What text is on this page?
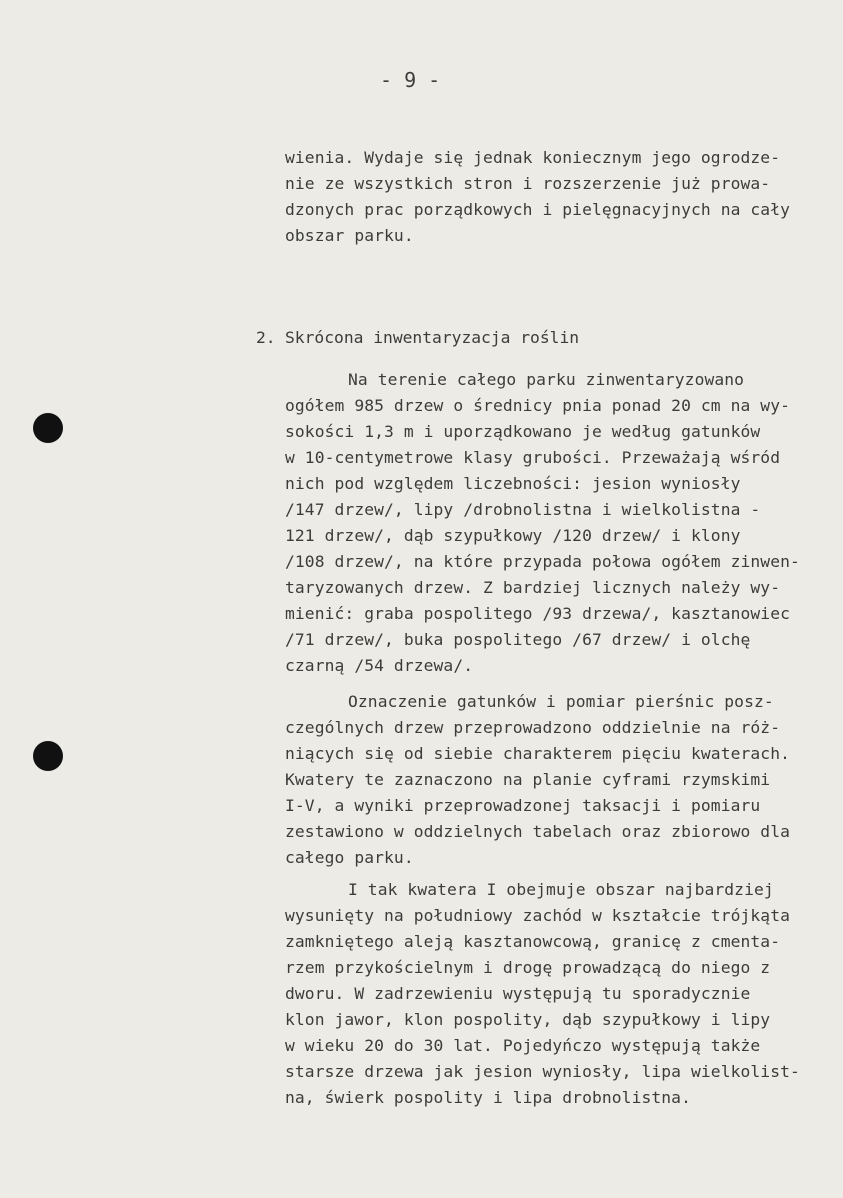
- 9 -
wienia. Wydaje się jednak koniecznym jego ogrodze-
nie ze wszystkich stron i rozszerzenie już prowa-
dzonych prac porządkowych i pielęgnacyjnych na cały
obszar parku.
2. Skrócona inwentaryzacja roślin
Na terenie całego parku zinwentaryzowano
ogółem 985 drzew o średnicy pnia ponad 20 cm na wy-
sokości 1,3 m i uporządkowano je według gatunków
w 10-centymetrowe klasy grubości. Przeważają wśród
nich pod względem liczebności: jesion wyniosły
/147 drzew/, lipy /drobnolistna i wielkolistna -
121 drzew/, dąb szypułkowy /120 drzew/ i klony
/108 drzew/, na które przypada połowa ogółem zinwen-
taryzowanych drzew. Z bardziej licznych należy wy-
mienić: graba pospolitego /93 drzewa/, kasztanowiec
/71 drzew/, buka pospolitego /67 drzew/ i olchę
czarną /54 drzewa/.
Oznaczenie gatunków i pomiar pierśnic posz-
czególnych drzew przeprowadzono oddzielnie na róż-
niących się od siebie charakterem pięciu kwaterach.
Kwatery te zaznaczono na planie cyframi rzymskimi
I-V, a wyniki przeprowadzonej taksacji i pomiaru
zestawiono w oddzielnych tabelach oraz zbiorowo dla
całego parku.
I tak kwatera I obejmuje obszar najbardziej
wysunięty na południowy zachód w kształcie trójkąta
zamkniętego aleją kasztanowcową, granicę z cmenta-
rzem przykościelnym i drogę prowadzącą do niego z
dworu. W zadrzewieniu występują tu sporadycznie
klon jawor, klon pospolity, dąb szypułkowy i lipy
w wieku 20 do 30 lat. Pojedyńczo występują także
starsze drzewa jak jesion wyniosły, lipa wielkolist-
na, świerk pospolity i lipa drobnolistna.
